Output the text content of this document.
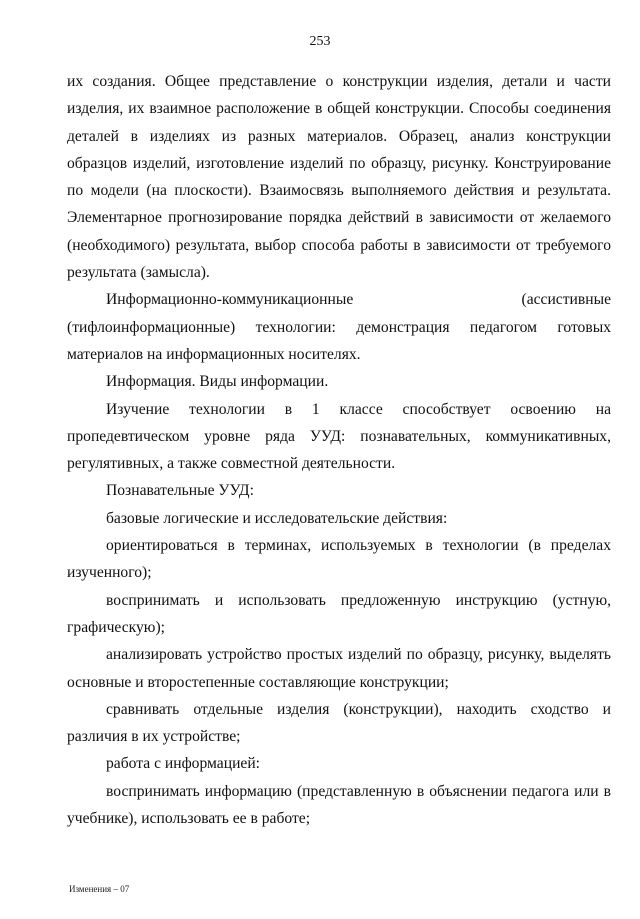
253

их создания. Общее представление о конструкции изделия, детали и части изделия, их взаимное расположение в общей конструкции. Способы соединения деталей в изделиях из разных материалов. Образец, анализ конструкции образцов изделий, изготовление изделий по образцу, рисунку. Конструирование по модели (на плоскости). Взаимосвязь выполняемого действия и результата. Элементарное прогнозирование порядка действий в зависимости от желаемого (необходимого) результата, выбор способа работы в зависимости от требуемого результата (замысла).

Информационно-коммуникационные (ассистивные (тифлоинформационные) технологии: демонстрация педагогом готовых материалов на информационных носителях.

Информация. Виды информации.

Изучение технологии в 1 классе способствует освоению на пропедевтическом уровне ряда УУД: познавательных, коммуникативных, регулятивных, а также совместной деятельности.

Познавательные УУД:

базовые логические и исследовательские действия:

ориентироваться в терминах, используемых в технологии (в пределах изученного);

воспринимать и использовать предложенную инструкцию (устную, графическую);

анализировать устройство простых изделий по образцу, рисунку, выделять основные и второстепенные составляющие конструкции;

сравнивать отдельные изделия (конструкции), находить сходство и различия в их устройстве;

работа с информацией:

воспринимать информацию (представленную в объяснении педагога или в учебнике), использовать ее в работе;

Изменения – 07
